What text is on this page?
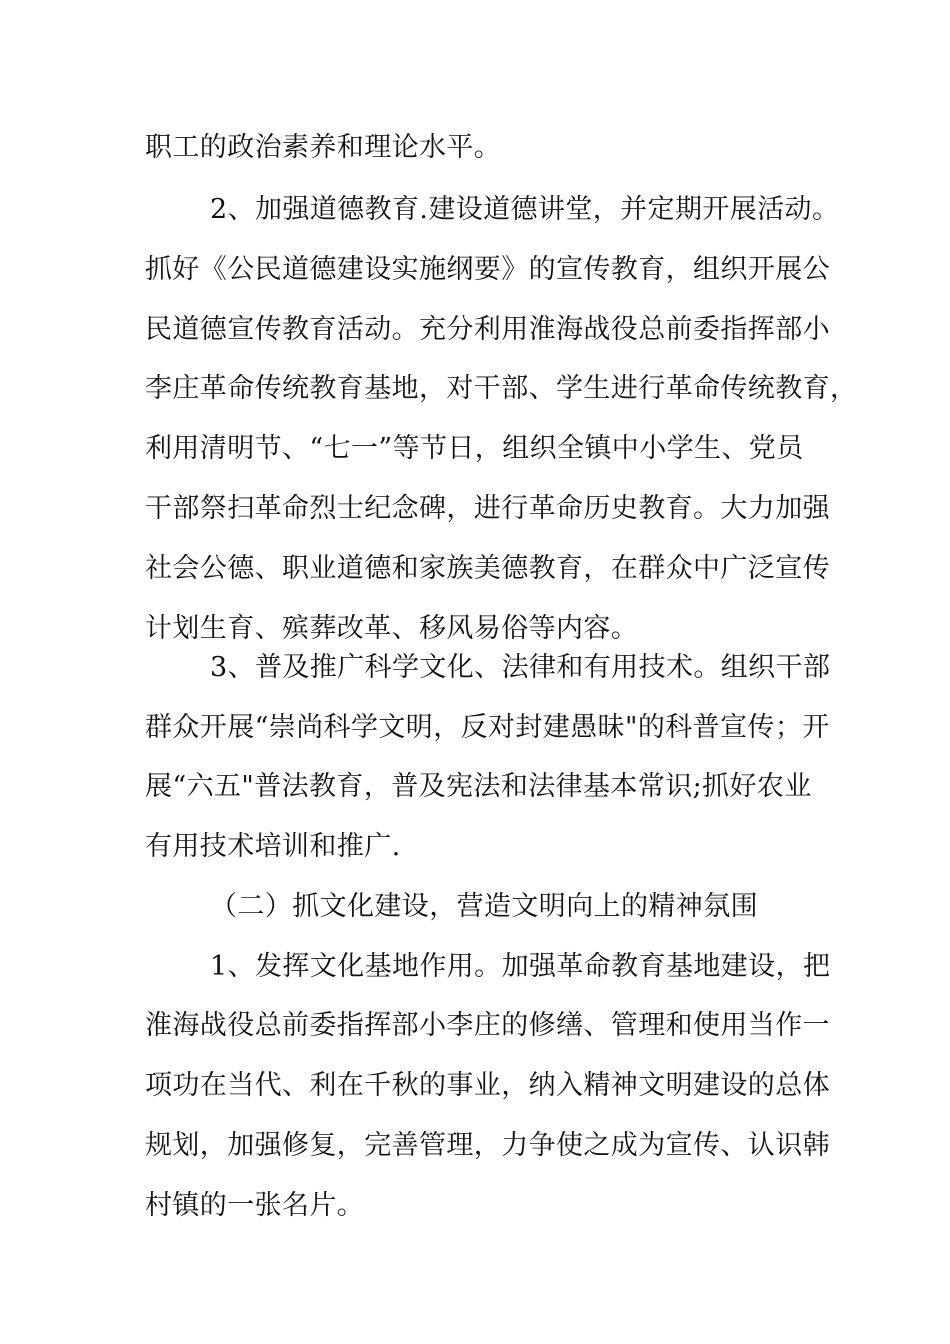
职工的政治素养和理论水平。
2、加强道德教育.建设道德讲堂，并定期开展活动。
抓好《公民道德建设实施纲要》的宣传教育，组织开展公
民道德宣传教育活动。充分利用淮海战役总前委指挥部小
李庄革命传统教育基地，对干部、学生进行革命传统教育，
利用清明节、“七一”等节日，组织全镇中小学生、党员
干部祭扫革命烈士纪念碑，进行革命历史教育。大力加强
社会公德、职业道德和家族美德教育，在群众中广泛宣传
计划生育、殡葬改革、移风易俗等内容。
3、普及推广科学文化、法律和有用技术。组织干部
群众开展“崇尚科学文明，反对封建愚昧"的科普宣传；开
展“六五"普法教育，普及宪法和法律基本常识;抓好农业
有用技术培训和推广.
（二）抓文化建设，营造文明向上的精神氛围
1、发挥文化基地作用。加强革命教育基地建设，把
淮海战役总前委指挥部小李庄的修缮、管理和使用当作一
项功在当代、利在千秋的事业，纳入精神文明建设的总体
规划，加强修复，完善管理，力争使之成为宣传、认识韩
村镇的一张名片。
